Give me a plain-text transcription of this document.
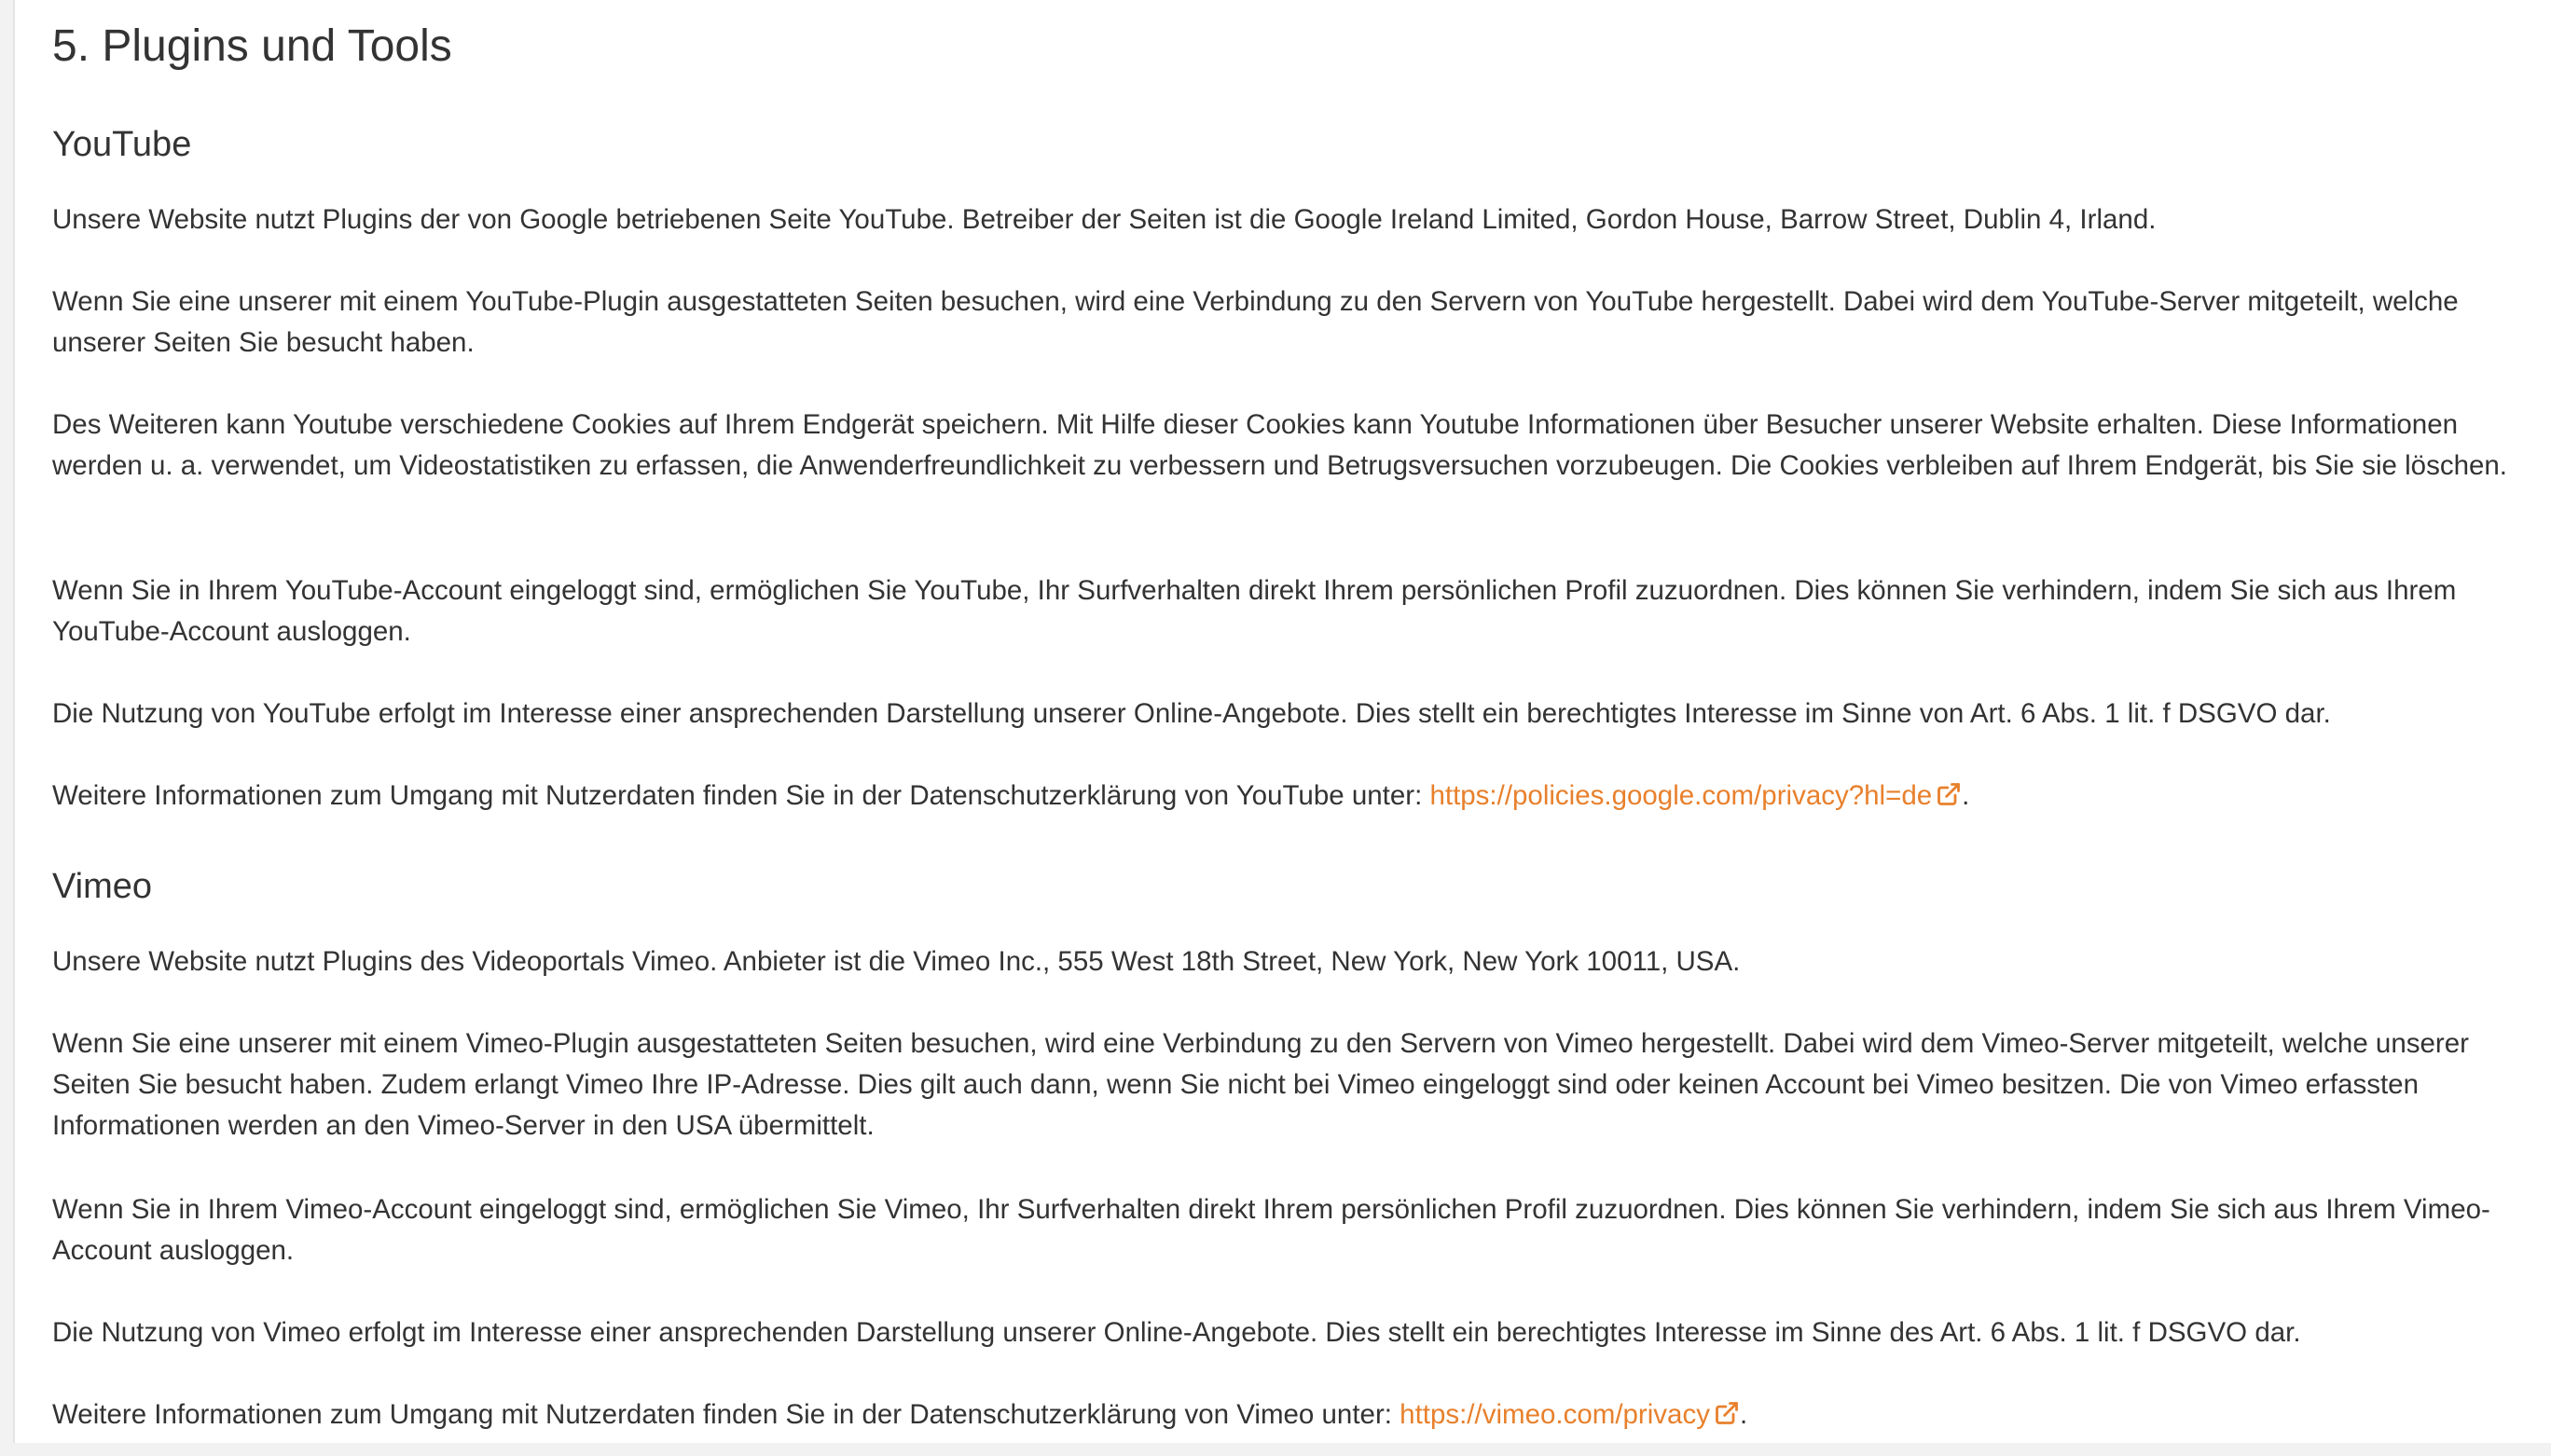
5. Plugins und Tools
YouTube

Unsere Website nutzt Plugins der von Google betriebenen Seite YouTube. Betreiber der Seiten ist die Google Ireland Limited, Gordon House, Barrow Street, Dublin 4, Irland.

Wenn Sie eine unserer mit einem YouTube-Plugin ausgestatteten Seiten besuchen, wird eine Verbindung zu den Servern von YouTube hergestellt. Dabei wird dem YouTube-Server mitgeteilt, welche unserer Seiten Sie besucht haben.

Des Weiteren kann Youtube verschiedene Cookies auf Ihrem Endgerät speichern. Mit Hilfe dieser Cookies kann Youtube Informationen über Besucher unserer Website erhalten. Diese Informationen werden u. a. verwendet, um Videostatistiken zu erfassen, die Anwenderfreundlichkeit zu verbessern und Betrugsversuchen vorzubeugen. Die Cookies verbleiben auf Ihrem Endgerät, bis Sie sie löschen.

Wenn Sie in Ihrem YouTube-Account eingeloggt sind, ermöglichen Sie YouTube, Ihr Surfverhalten direkt Ihrem persönlichen Profil zuzuordnen. Dies können Sie verhindern, indem Sie sich aus Ihrem YouTube-Account ausloggen.

Die Nutzung von YouTube erfolgt im Interesse einer ansprechenden Darstellung unserer Online-Angebote. Dies stellt ein berechtigtes Interesse im Sinne von Art. 6 Abs. 1 lit. f DSGVO dar.

Weitere Informationen zum Umgang mit Nutzerdaten finden Sie in der Datenschutzerklärung von YouTube unter: https://policies.google.com/privacy?hl=de .

Vimeo

Unsere Website nutzt Plugins des Videoportals Vimeo. Anbieter ist die Vimeo Inc., 555 West 18th Street, New York, New York 10011, USA.

Wenn Sie eine unserer mit einem Vimeo-Plugin ausgestatteten Seiten besuchen, wird eine Verbindung zu den Servern von Vimeo hergestellt. Dabei wird dem Vimeo-Server mitgeteilt, welche unserer Seiten Sie besucht haben. Zudem erlangt Vimeo Ihre IP-Adresse. Dies gilt auch dann, wenn Sie nicht bei Vimeo eingeloggt sind oder keinen Account bei Vimeo besitzen. Die von Vimeo erfassten Informationen werden an den Vimeo-Server in den USA übermittelt.

Wenn Sie in Ihrem Vimeo-Account eingeloggt sind, ermöglichen Sie Vimeo, Ihr Surfverhalten direkt Ihrem persönlichen Profil zuzuordnen. Dies können Sie verhindern, indem Sie sich aus Ihrem Vimeo-Account ausloggen.

Die Nutzung von Vimeo erfolgt im Interesse einer ansprechenden Darstellung unserer Online-Angebote. Dies stellt ein berechtigtes Interesse im Sinne des Art. 6 Abs. 1 lit. f DSGVO dar.

Weitere Informationen zum Umgang mit Nutzerdaten finden Sie in der Datenschutzerklärung von Vimeo unter: https://vimeo.com/privacy .
